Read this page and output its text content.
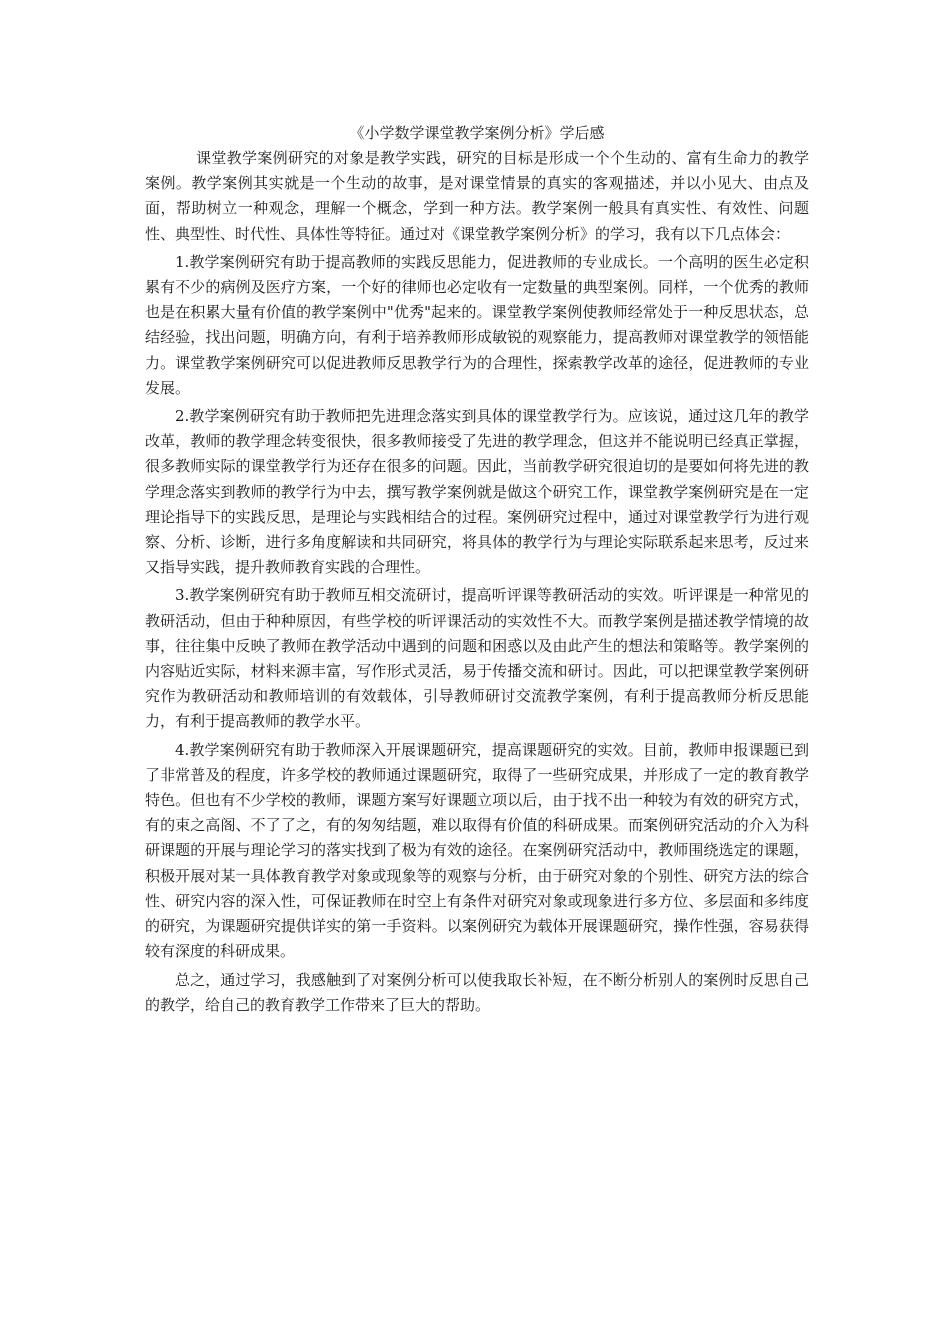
《小学数学课堂教学案例分析》学后感

课堂教学案例研究的对象是教学实践，研究的目标是形成一个个生动的、富有生命力的教学案例。教学案例其实就是一个生动的故事，是对课堂情景的真实的客观描述，并以小见大、由点及面，帮助树立一种观念，理解一个概念，学到一种方法。教学案例一般具有真实性、有效性、问题性、典型性、时代性、具体性等特征。通过对《课堂教学案例分析》的学习，我有以下几点体会：

1.教学案例研究有助于提高教师的实践反思能力，促进教师的专业成长。一个高明的医生必定积累有不少的病例及医疗方案，一个好的律师也必定收有一定数量的典型案例。同样，一个优秀的教师也是在积累大量有价值的教学案例中"优秀"起来的。课堂教学案例使教师经常处于一种反思状态，总结经验，找出问题，明确方向，有利于培养教师形成敏锐的观察能力，提高教师对课堂教学的领悟能力。课堂教学案例研究可以促进教师反思教学行为的合理性，探索教学改革的途径，促进教师的专业发展。

2.教学案例研究有助于教师把先进理念落实到具体的课堂教学行为。应该说，通过这几年的教学改革，教师的教学理念转变很快，很多教师接受了先进的教学理念，但这并不能说明已经真正掌握，很多教师实际的课堂教学行为还存在很多的问题。因此，当前教学研究很迫切的是要如何将先进的教学理念落实到教师的教学行为中去，撰写教学案例就是做这个研究工作，课堂教学案例研究是在一定理论指导下的实践反思，是理论与实践相结合的过程。案例研究过程中，通过对课堂教学行为进行观察、分析、诊断，进行多角度解读和共同研究，将具体的教学行为与理论实际联系起来思考，反过来又指导实践，提升教师教育实践的合理性。

3.教学案例研究有助于教师互相交流研讨，提高听评课等教研活动的实效。听评课是一种常见的教研活动，但由于种种原因，有些学校的听评课活动的实效性不大。而教学案例是描述教学情境的故事，往往集中反映了教师在教学活动中遇到的问题和困惑以及由此产生的想法和策略等。教学案例的内容贴近实际，材料来源丰富，写作形式灵活，易于传播交流和研讨。因此，可以把课堂教学案例研究作为教研活动和教师培训的有效载体，引导教师研讨交流教学案例，有利于提高教师分析反思能力，有利于提高教师的教学水平。

4.教学案例研究有助于教师深入开展课题研究，提高课题研究的实效。目前，教师申报课题已到了非常普及的程度，许多学校的教师通过课题研究，取得了一些研究成果，并形成了一定的教育教学特色。但也有不少学校的教师，课题方案写好课题立项以后，由于找不出一种较为有效的研究方式，有的束之高阁、不了了之，有的匆匆结题，难以取得有价值的科研成果。而案例研究活动的介入为科研课题的开展与理论学习的落实找到了极为有效的途径。在案例研究活动中，教师围绕选定的课题，积极开展对某一具体教育教学对象或现象等的观察与分析，由于研究对象的个别性、研究方法的综合性、研究内容的深入性，可保证教师在时空上有条件对研究对象或现象进行多方位、多层面和多纬度的研究，为课题研究提供详实的第一手资料。以案例研究为载体开展课题研究，操作性强，容易获得较有深度的科研成果。

总之，通过学习，我感触到了对案例分析可以使我取长补短，在不断分析别人的案例时反思自己的教学，给自己的教育教学工作带来了巨大的帮助。
